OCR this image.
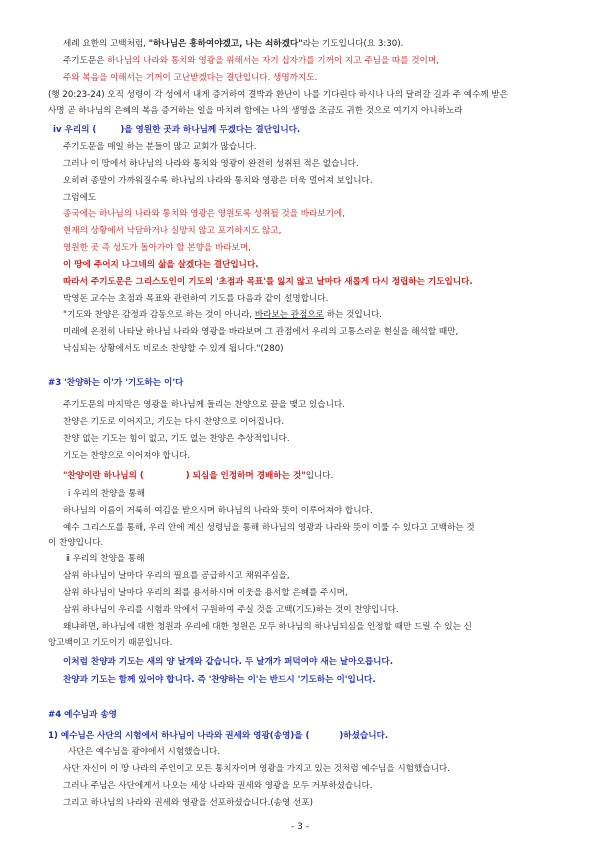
세례 요한의 고백처럼, "하나님은 흥하여야겠고, 나는 쇠하겠다"라는 기도입니다(요 3:30).
주기도문은 하나님의 나라와 통치와 영광을 위해서는 자기 십자가를 기꺼이 지고 주님을 따를 것이며,
주와 복음을 이해서는 기꺼이 고난받겠다는 결단입니다. 생명까지도.
(행 20:23-24) 오직 성령이 각 성에서 내게 증거하여 결박과 환난이 나를 기다린다 하시나 나의 달려갈 길과 주 예수께 받은
사명 곧 하나님의 은혜의 복음 증거하는 일을 마치려 함에는 나의 생명을 조금도 귀한 것으로 여기지 아니하노라
iv 우리의 (	)을 영원한 곳과 하나님께 두겠다는 결단입니다.
주기도문을 매일 하는 분들이 많고 교회가 많습니다.
그러나 이 땅에서 하나님의 나라와 통치와 영광이 완전히 성취된 적은 없습니다.
오히려 종말이 가까워질수록 하나님의 나라와 통치와 영광은 더욱 멀어져 보입니다.
그럼에도
종국에는 하나님의 나라와 통치와 영광은 영원토록 성취될 것을 바라보기에,
현재의 상황에서 낙담하거나 실망치 않고 포기하지도 않고,
영원한 곳 즉 성도가 돌아가야 할 본향을 바라보며,
이 땅에 주어지 나그네의 삶을 살겠다는 결단입니다.
따라서 주기도문은 그리스도인이 기도의 '초점과 목표'를 잃지 않고 날마다 새롭게 다시 정립하는 기도입니다.
박영돈 교수는 초점과 목표와 관련하여 기도를 다음과 같이 설명합니다.
"기도와 찬양은 감정과 감동으로 하는 것이 아니라, 바라보는 관점으로 하는 것입니다.
미래에 온전히 나타날 하나님 나라와 영광을 바라보며 그 관점에서 우리의 고통스러운 현실을 해석할 때만,
낙심되는 상황에서도 비로소 찬양할 수 있게 됩니다."(280)
#3 '찬양하는 이'가 '기도하는 이'다
주기도문의 마지막은 영광을 하나님께 돌리는 찬양으로 끝을 맺고 있습니다.
찬양은 기도로 이어지고, 기도는 다시 찬양으로 이어집니다.
찬양 없는 기도는 힘이 없고, 기도 없는 찬양은 추상적입니다.
기도는 찬양으로 이어져야 합니다.
"찬양이란 하나님의 (	) 되심을 인정하며 경배하는 것"입니다.
ⅰ 우리의 찬양을 통해
하나님의 이름이 거룩히 여김을 받으시며 하나님의 나라와 뜻이 이루어져야 합니다.
예수 그리스도를 통해, 우리 안에 계신 성령님을 통해 하나님의 영광과 나라와 뜻이 이룰 수 있다고 고백하는 것
이 찬양입니다.
ⅱ 우리의 찬양을 통해
삼위 하나님이 날마다 우리의 필요를 공급하시고 채워주심을,
삼위 하나님이 날마다 우리의 죄를 용서하시며 이웃을 용서할 은혜를 주시며,
삼위 하나님이 우리를 시험과 악에서 구원하여 주실 것을 고백(기도)하는 것이 찬양입니다.
왜냐하면, 하나님에 대한 청원과 우리에 대한 청원은 모두 하나님의 하나님되심을 인정할 때만 드릴 수 있는 신
앙고백이고 기도이기 때문입니다.
이처럼 찬양과 기도는 새의 양 날개와 같습니다. 두 날개가 퍼덕여야 새는 날아오릅니다.
찬양과 기도는 함께 있어야 합니다. 즉 '찬양하는 이'는 반드시 '기도하는 이'입니다.
#4 예수님과 송영
1) 예수님은 사단의 시험에서 하나님이 나라와 권세와 영광(송영)을 (	)하셨습니다.
사단은 예수님을 광야에서 시험했습니다.
사단 자신이 이 땅 나라의 주인이고 모든 통치자이며 영광을 가지고 있는 것처럼 예수님을 시험했습니다.
그러나 주님은 사단에게서 나오는 세상 나라와 권세와 영광을 모두 거부하셨습니다.
그리고 하나님의 나라와 권세와 영광을 선포하셨습니다.(송영 선포)
- 3 -
